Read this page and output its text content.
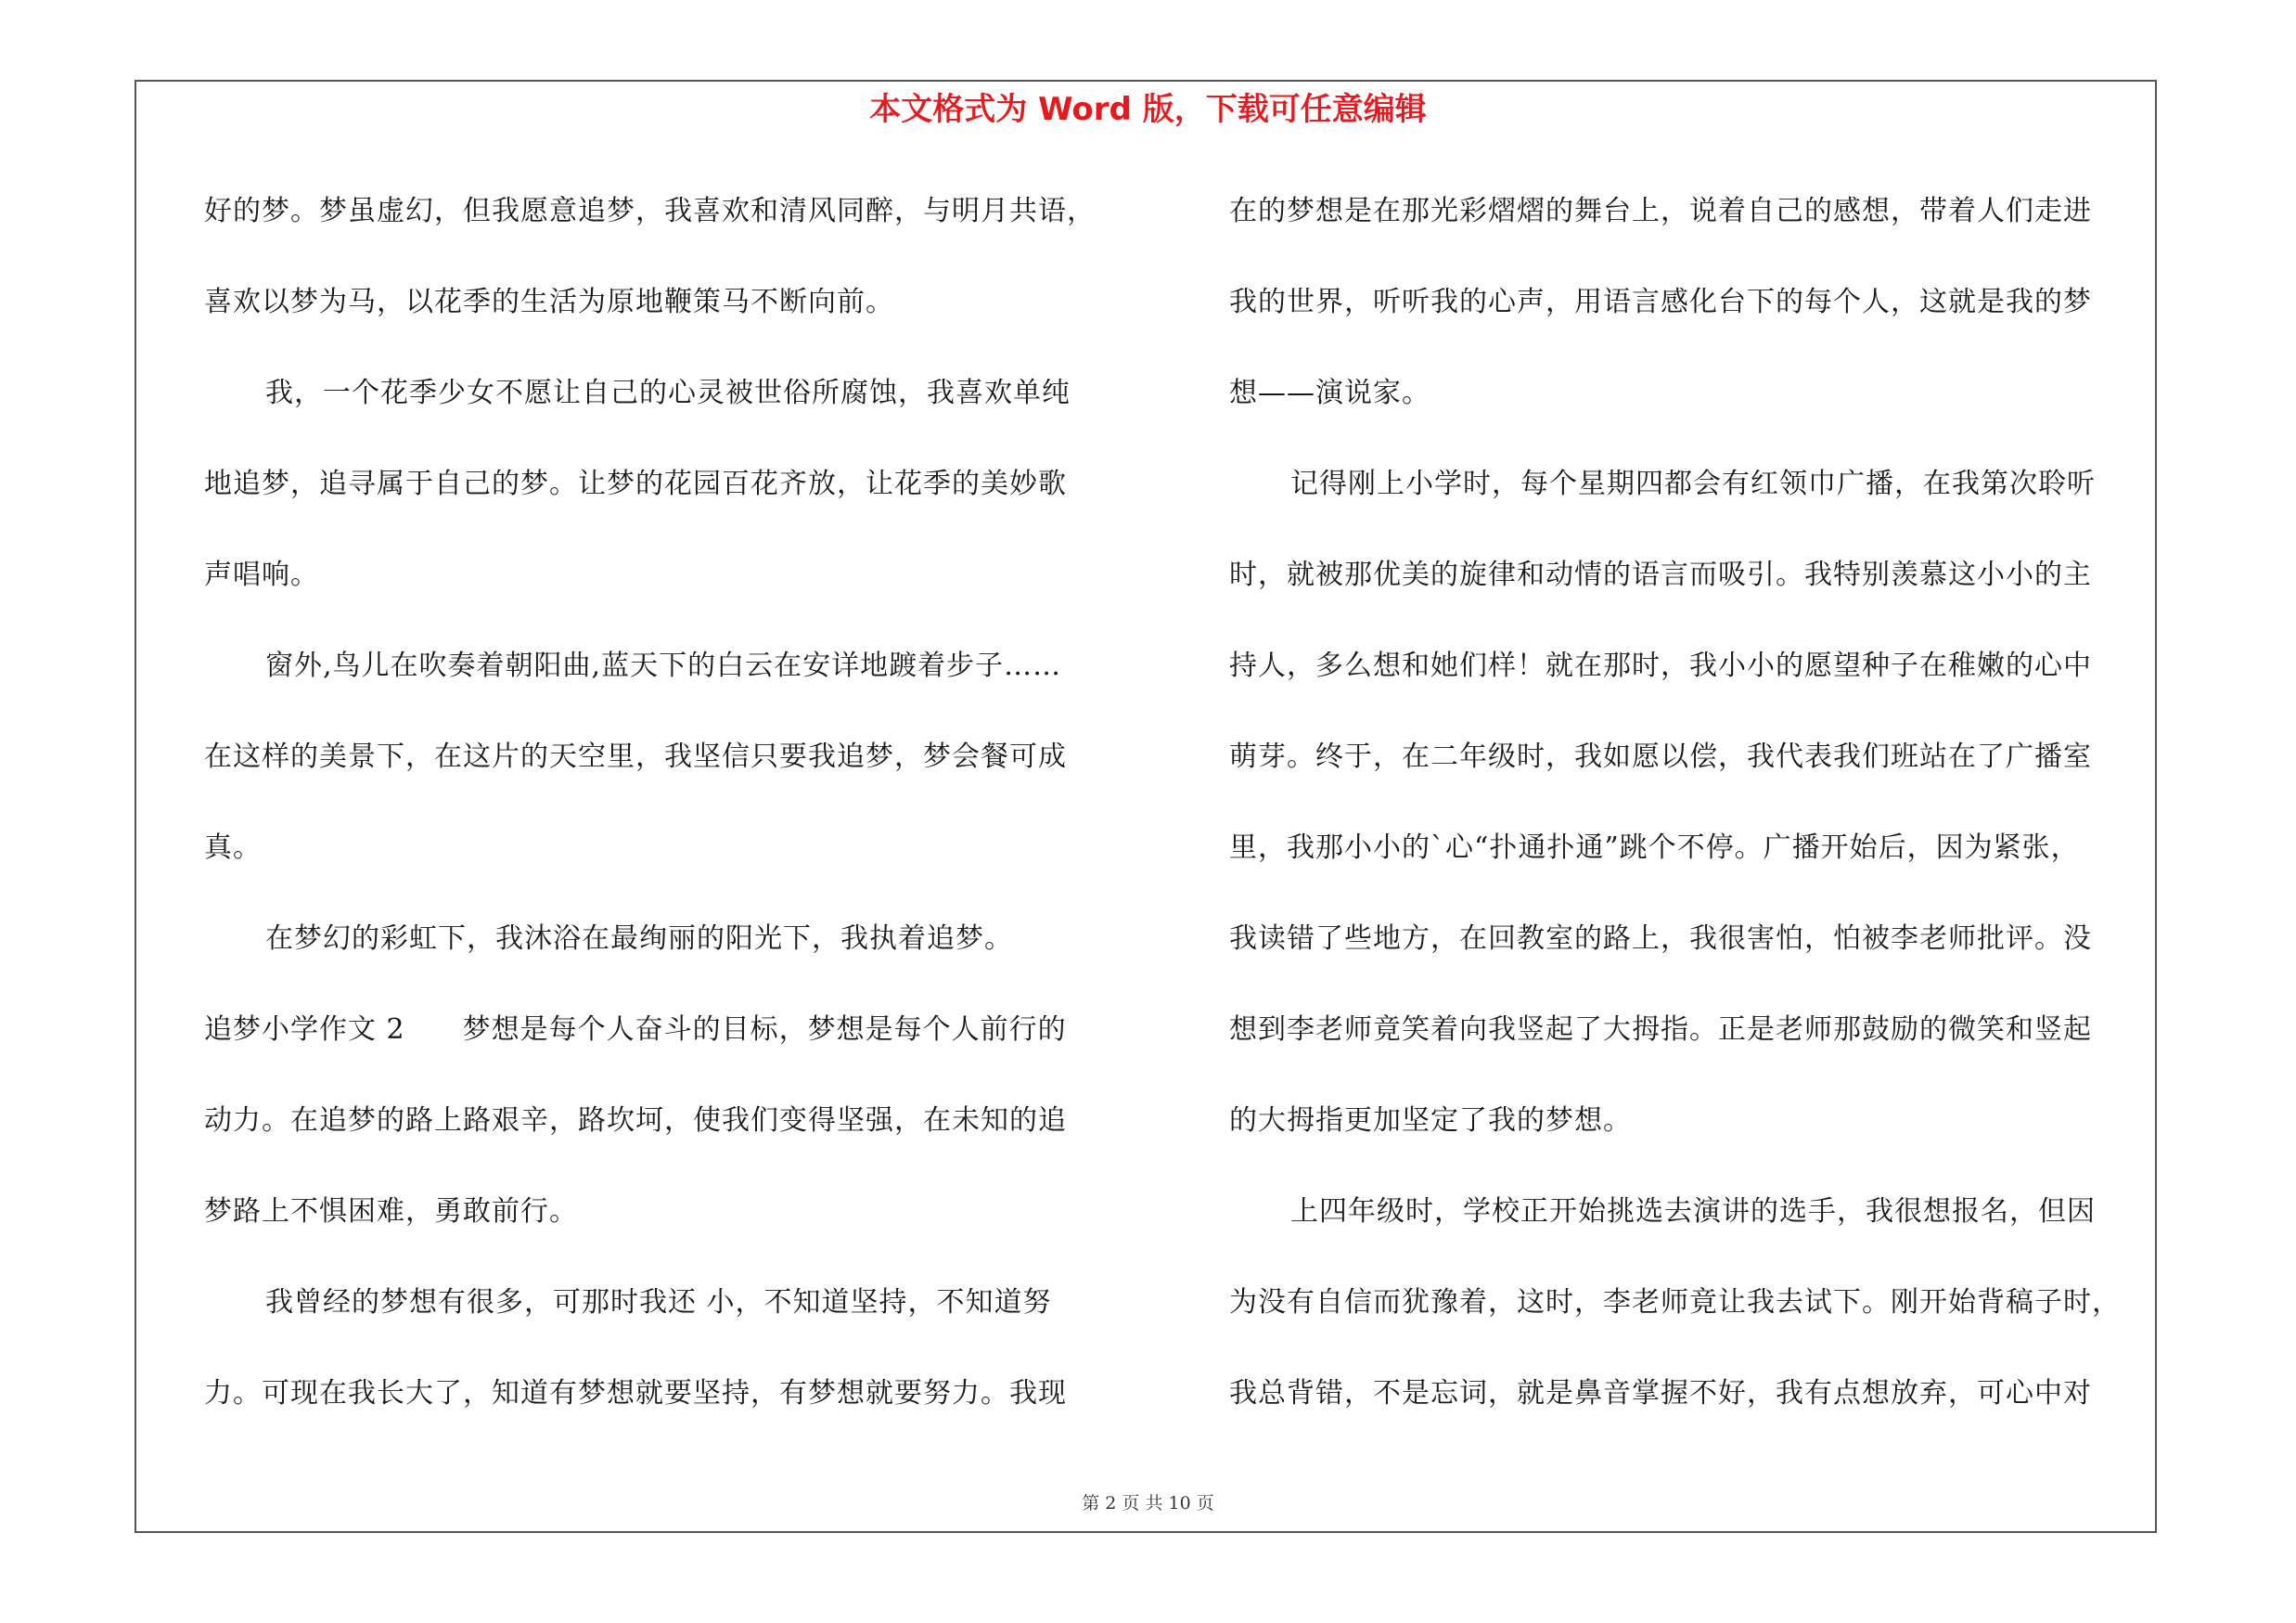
本文格式为 Word 版，下载可任意编辑
好的梦。梦虽虚幻，但我愿意追梦，我喜欢和清风同醉，与明月共语，
喜欢以梦为马，以花季的生活为原地鞭策马不断向前。
我，一个花季少女不愿让自己的心灵被世俗所腐蚀，我喜欢单纯
地追梦，追寻属于自己的梦。让梦的花园百花齐放，让花季的美妙歌
声唱响。
窗外,鸟儿在吹奏着朝阳曲,蓝天下的白云在安详地踱着步子……
在这样的美景下，在这片的天空里，我坚信只要我追梦，梦会餐可成
真。
在梦幻的彩虹下，我沐浴在最绚丽的阳光下，我执着追梦。
追梦小学作文 2　　梦想是每个人奋斗的目标，梦想是每个人前行的
动力。在追梦的路上路艰辛，路坎坷，使我们变得坚强，在未知的追
梦路上不惧困难，勇敢前行。
我曾经的梦想有很多，可那时我还 小，不知道坚持，不知道努
力。可现在我长大了，知道有梦想就要坚持，有梦想就要努力。我现
在的梦想是在那光彩熠熠的舞台上，说着自己的感想，带着人们走进
我的世界，听听我的心声，用语言感化台下的每个人，这就是我的梦
想——演说家。
记得刚上小学时，每个星期四都会有红领巾广播，在我第次聆听
时，就被那优美的旋律和动情的语言而吸引。我特别羡慕这小小的主
持人，多么想和她们样！就在那时，我小小的愿望种子在稚嫩的心中
萌芽。终于，在二年级时，我如愿以偿，我代表我们班站在了广播室
里，我那小小的`心“扑通扑通”跳个不停。广播开始后，因为紧张，
我读错了些地方，在回教室的路上，我很害怕，怕被李老师批评。没
想到李老师竟笑着向我竖起了大拇指。正是老师那鼓励的微笑和竖起
的大拇指更加坚定了我的梦想。
上四年级时，学校正开始挑选去演讲的选手，我很想报名，但因
为没有自信而犹豫着，这时，李老师竟让我去试下。刚开始背稿子时，
我总背错，不是忘词，就是鼻音掌握不好，我有点想放弃，可心中对
第 2 页 共 10 页
